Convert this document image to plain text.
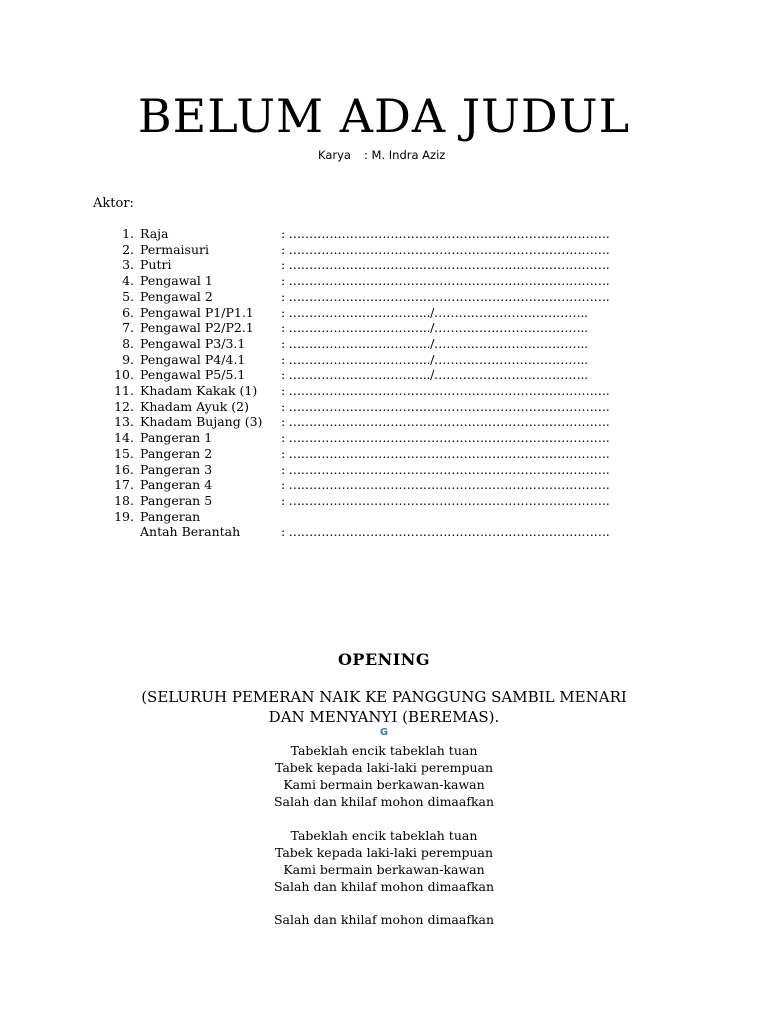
BELUM ADA JUDUL
Karya : M. Indra Aziz
Aktor:
1. Raja	: …………………………………………………………………….
2. Permaisuri	: …………………………………………………………………….
3. Putri	: …………………………………………………………………….
4. Pengawal 1	: …………………………………………………………………….
5. Pengawal 2	: …………………………………………………………………….
6. Pengawal P1/P1.1	: ……………………………../………………………………..
7. Pengawal P2/P2.1	: ……………………………../………………………………..
8. Pengawal P3/3.1	: ……………………………../………………………………..
9. Pengawal P4/4.1	: ……………………………../………………………………..
10. Pengawal P5/5.1	: ……………………………../………………………………..
11. Khadam Kakak (1)	: …………………………………………………………………….
12. Khadam Ayuk (2)	: …………………………………………………………………….
13. Khadam Bujang (3)	: …………………………………………………………………….
14. Pangeran 1	: …………………………………………………………………….
15. Pangeran 2	: …………………………………………………………………….
16. Pangeran 3	: …………………………………………………………………….
17. Pangeran 4	: …………………………………………………………………….
18. Pangeran 5	: …………………………………………………………………….
19. Pangeran
Antah Berantah	: …………………………………………………………………….
OPENING
(SELURUH PEMERAN NAIK KE PANGGUNG SAMBIL MENARI
DAN MENYANYI (BEREMAS).
G
Tabeklah encik tabeklah tuan
Tabek kepada laki-laki perempuan
Kami bermain berkawan-kawan
Salah dan khilaf mohon dimaafkan
Tabeklah encik tabeklah tuan
Tabek kepada laki-laki perempuan
Kami bermain berkawan-kawan
Salah dan khilaf mohon dimaafkan
Salah dan khilaf mohon dimaafkan
